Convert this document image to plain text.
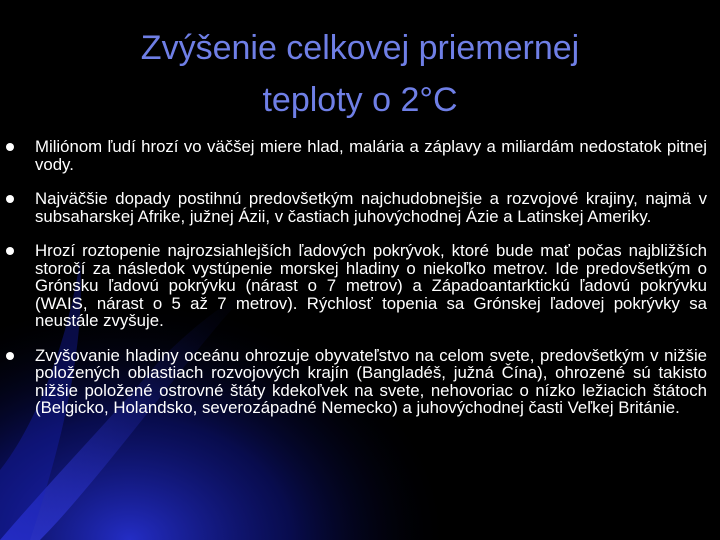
Zvýšenie celkovej priemernej
teploty o 2°C
Miliónom ľudí hrozí vo väčšej miere hlad, malária a záplavy a miliardám nedostatok pitnej vody.
Najväčšie dopady postihnú predovšetkým najchudobnejšie a rozvojové krajiny, najmä v subsaharskej Afrike, južnej Ázii, v častiach juhovýchodnej Ázie a Latinskej Ameriky.
Hrozí roztopenie najrozsiahlejších ľadových pokrývok, ktoré bude mať počas najbližších storočí za následok vystúpenie morskej hladiny o niekoľko metrov. Ide predovšetkým o Grónsku ľadovú pokrývku (nárast o 7 metrov) a Západoantarktickú ľadovú pokrývku (WAIS, nárast o 5 až 7 metrov). Rýchlosť topenia sa Grónskej ľadovej pokrývky sa neustále zvyšuje.
Zvyšovanie hladiny oceánu ohrozuje obyvateľstvo na celom svete, predovšetkým v nižšie položených oblastiach rozvojových krajín (Bangladéš, južná Čína), ohrozené sú takisto nižšie položené ostrovné štáty kdekoľvek na svete, nehovoriac o nízko ležiacich štátoch (Belgicko, Holandsko, severozápadné Nemecko) a juhovýchodnej časti Veľkej Británie.
